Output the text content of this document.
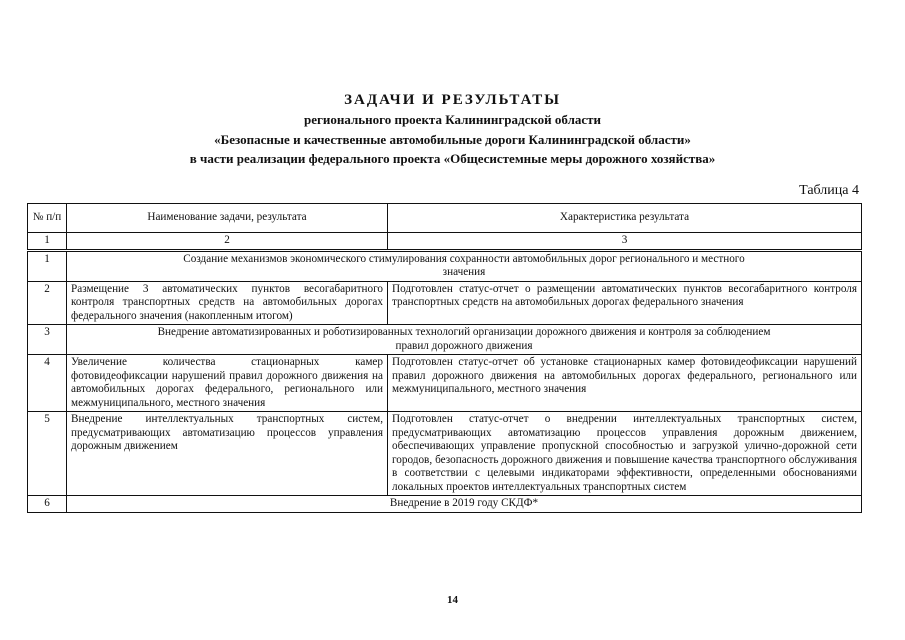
ЗАДАЧИ И РЕЗУЛЬТАТЫ
регионального проекта Калининградской области
«Безопасные и качественные автомобильные дороги Калининградской области»
в части реализации федерального проекта «Общесистемные меры дорожного хозяйства»
Таблица 4
№ п/п	Наименование задачи, результата	Характеристика результата
1	2	3
1	Создание механизмов экономического стимулирования сохранности автомобильных дорог регионального и местного значения	
2	Размещение 3 автоматических пунктов весогабаритного контроля транспортных средств на автомобильных дорогах федерального значения (накопленным итогом)	Подготовлен статус-отчет о размещении автоматических пунктов весогабаритного контроля транспортных средств на автомобильных дорогах федерального значения
3	Внедрение автоматизированных и роботизированных технологий организации дорожного движения и контроля за соблюдением правил дорожного движения	
4	Увеличение количества стационарных камер фотовидеофиксации нарушений правил дорожного движения на автомобильных дорогах федерального, регионального или межмуниципального, местного значения	Подготовлен статус-отчет об установке стационарных камер фотовидеофиксации нарушений правил дорожного движения на автомобильных дорогах федерального, регионального или межмуниципального, местного значения
5	Внедрение интеллектуальных транспортных систем, предусматривающих автоматизацию процессов управления дорожным движением	Подготовлен статус-отчет о внедрении интеллектуальных транспортных систем, предусматривающих автоматизацию процессов управления дорожным движением, обеспечивающих управление пропускной способностью и загрузкой улично-дорожной сети городов, безопасность дорожного движения и повышение качества транспортного обслуживания в соответствии с целевыми индикаторами эффективности, определенными обоснованиями локальных проектов интеллектуальных транспортных систем
6	Внедрение в 2019 году СКДФ*	
14
